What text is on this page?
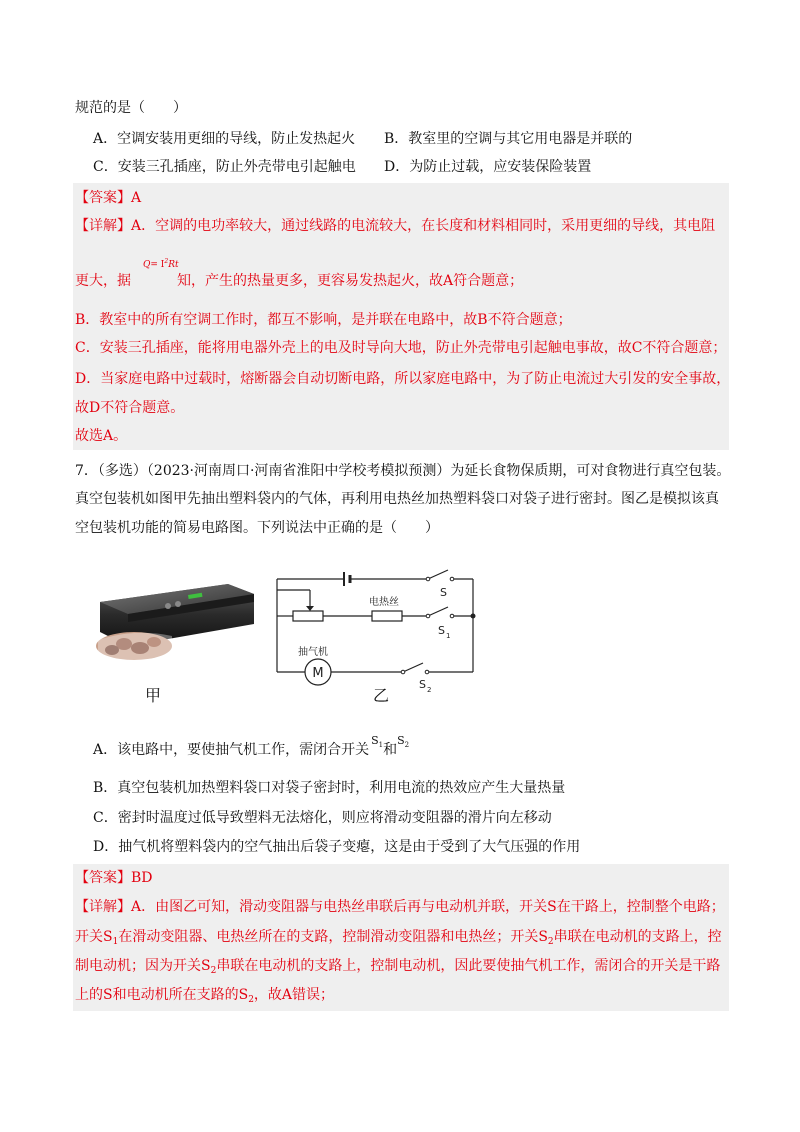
规范的是（　　）
A．空调安装用更细的导线，防止发热起火 B．教室里的空调与其它用电器是并联的
C．安装三孔插座，防止外壳带电引起触电 D．为防止过载，应安装保险装置
【答案】A
【详解】A．空调的电功率较大，通过线路的电流较大，在长度和材料相同时，采用更细的导线，其电阻
更大，据
$Q= I^2Rt$
知，产生的热量更多，更容易发热起火，故A符合题意；
B．教室中的所有空调工作时，都互不影响，是并联在电路中，故B不符合题意；
C．安装三孔插座，能将用电器外壳上的电及时导向大地，防止外壳带电引起触电事故，故C不符合题意；
D．当家庭电路中过载时，熔断器会自动切断电路，所以家庭电路中，为了防止电流过大引发的安全事故，
故D不符合题意。
故选A。
7．（多选）（2023·河南周口·河南省淮阳中学校考模拟预测）为延长食物保质期，可对食物进行真空包装。
真空包装机如图甲先抽出塑料袋内的气体，再利用电热丝加热塑料袋口对袋子进行密封。图乙是模拟该真
空包装机功能的简易电路图。下列说法中正确的是（　　）
甲
M
电热丝
抽气机
S
S 1
S 2
乙
A．该电路中，要使抽气机工作，需闭合开关$^{S_1}$和$^{S_2}$
B．真空包装机加热塑料袋口对袋子密封时，利用电流的热效应产生大量热量
C．密封时温度过低导致塑料无法熔化，则应将滑动变阻器的滑片向左移动
D．抽气机将塑料袋内的空气抽出后袋子变瘪，这是由于受到了大气压强的作用
【答案】BD
【详解】A．由图乙可知，滑动变阻器与电热丝串联后再与电动机并联，开关S在干路上，控制整个电路；
开关$S_1$在滑动变阻器、电热丝所在的支路，控制滑动变阻器和电热丝；开关$S_2$串联在电动机的支路上，控
制电动机；因为开关$S_2$串联在电动机的支路上，控制电动机，因此要使抽气机工作，需闭合的开关是干路
上的S和电动机所在支路的$S_2$，故A错误；
